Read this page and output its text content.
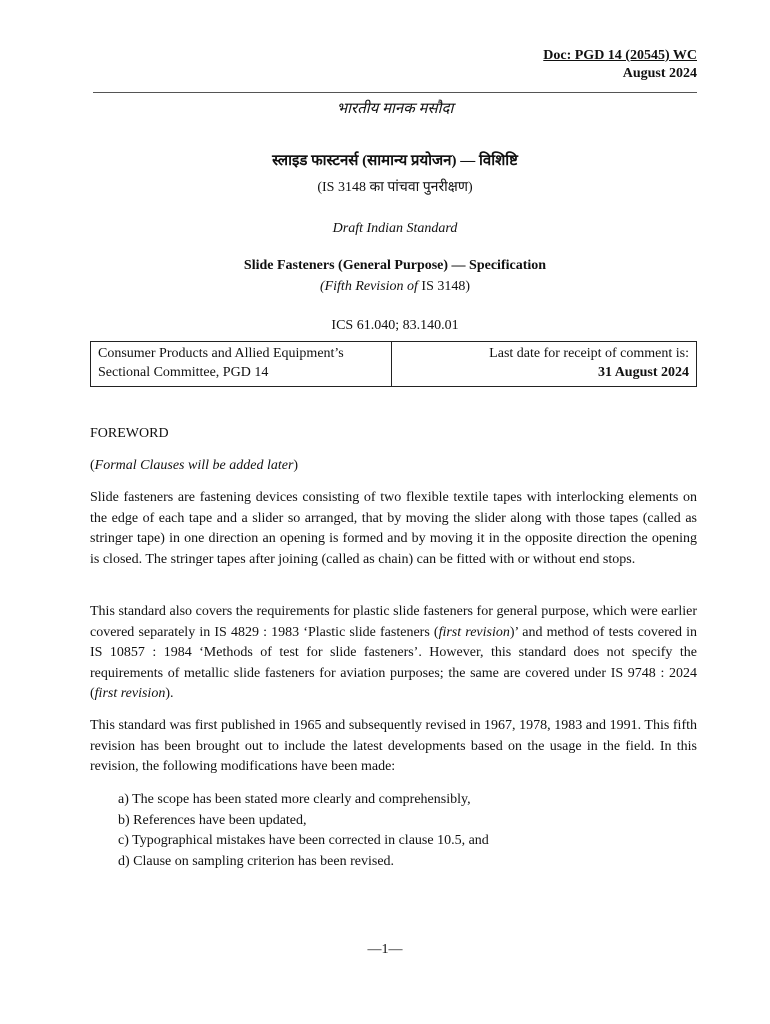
Doc: PGD 14 (20545) WC
August 2024
भारतीय मानक मसौदा
स्लाइड फास्टनर्स (सामान्य प्रयोजन) — विशिष्टि
(IS 3148 का पांचवा पुनरीक्षण)
Draft Indian Standard
Slide Fasteners (General Purpose) — Specification
(Fifth Revision of IS 3148)
ICS 61.040; 83.140.01
Consumer Products and Allied Equipment’s
Sectional Committee, PGD 14

Last date for receipt of comment is:
31 August 2024
FOREWORD
(Formal Clauses will be added later)
Slide fasteners are fastening devices consisting of two flexible textile tapes with interlocking elements on the edge of each tape and a slider so arranged, that by moving the slider along with those tapes (called as stringer tape) in one direction an opening is formed and by moving it in the opposite direction the opening is closed. The stringer tapes after joining (called as chain) can be fitted with or without end stops.
This standard also covers the requirements for plastic slide fasteners for general purpose, which were earlier covered separately in IS 4829 : 1983 ‘Plastic slide fasteners (first revision)’ and method of tests covered in IS 10857 : 1984 ‘Methods of test for slide fasteners’. However, this standard does not specify the requirements of metallic slide fasteners for aviation purposes; the same are covered under IS 9748 : 2024 (first revision).
This standard was first published in 1965 and subsequently revised in 1967, 1978, 1983 and 1991. This fifth revision has been brought out to include the latest developments based on the usage in the field. In this revision, the following modifications have been made:
a) The scope has been stated more clearly and comprehensibly,
b) References have been updated,
c) Typographical mistakes have been corrected in clause 10.5, and
d) Clause on sampling criterion has been revised.
—1—
